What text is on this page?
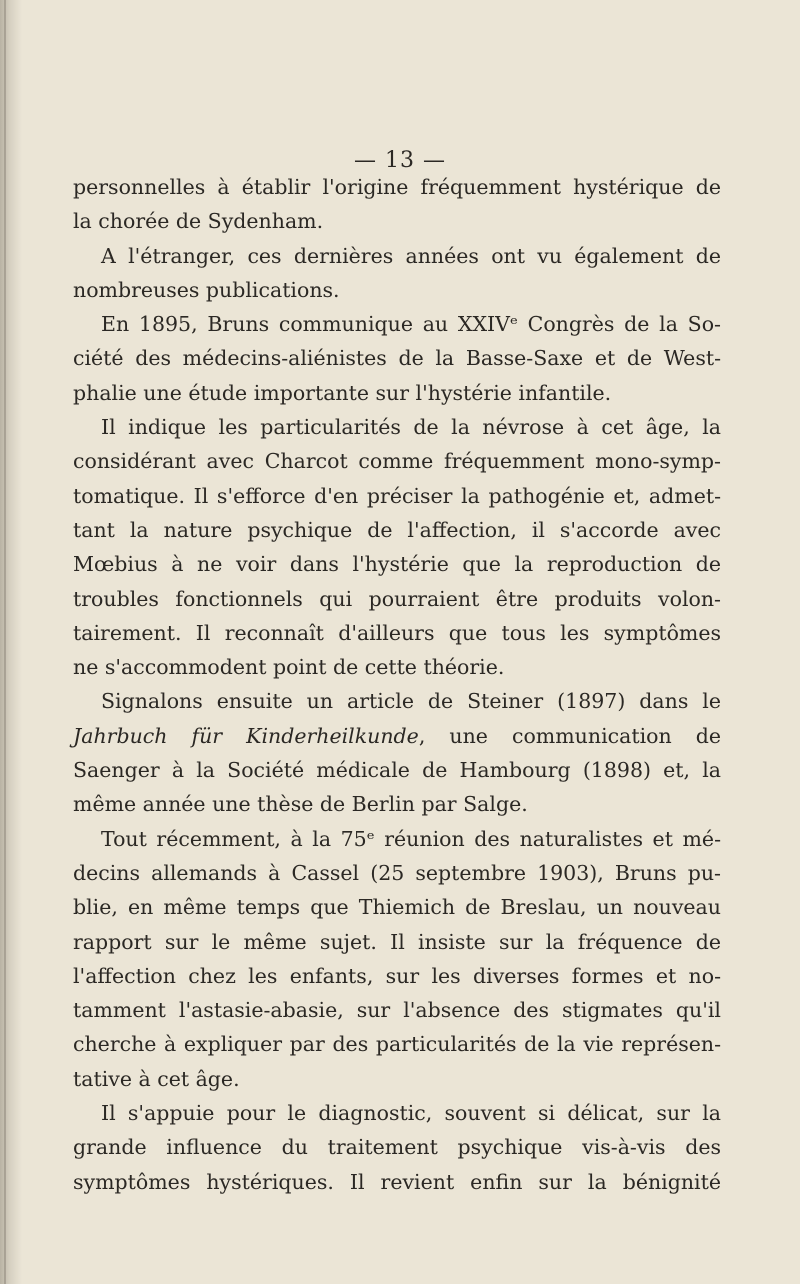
— 13 —
personnelles à établir l'origine fréquemment hystérique de
la chorée de Sydenham.
A l'étranger, ces dernières années ont vu également de
nombreuses publications.
En 1895, Bruns communique au XXIVᵉ Congrès de la So-
ciété des médecins-aliénistes de la Basse-Saxe et de West-
phalie une étude importante sur l'hystérie infantile.
Il indique les particularités de la névrose à cet âge, la
considérant avec Charcot comme fréquemment mono-symp-
tomatique. Il s'efforce d'en préciser la pathogénie et, admet-
tant la nature psychique de l'affection, il s'accorde avec
Mœbius à ne voir dans l'hystérie que la reproduction de
troubles fonctionnels qui pourraient être produits volon-
tairement. Il reconnaît d'ailleurs que tous les symptômes
ne s'accommodent point de cette théorie.
Signalons ensuite un article de Steiner (1897) dans le
Jahrbuch für Kinderheilkunde, une communication de
Saenger à la Société médicale de Hambourg (1898) et, la
même année une thèse de Berlin par Salge.
Tout récemment, à la 75ᵉ réunion des naturalistes et mé-
decins allemands à Cassel (25 septembre 1903), Bruns pu-
blie, en même temps que Thiemich de Breslau, un nouveau
rapport sur le même sujet. Il insiste sur la fréquence de
l'affection chez les enfants, sur les diverses formes et no-
tamment l'astasie-abasie, sur l'absence des stigmates qu'il
cherche à expliquer par des particularités de la vie représen-
tative à cet âge.
Il s'appuie pour le diagnostic, souvent si délicat, sur la
grande influence du traitement psychique vis-à-vis des
symptômes hystériques. Il revient enfin sur la bénignité
